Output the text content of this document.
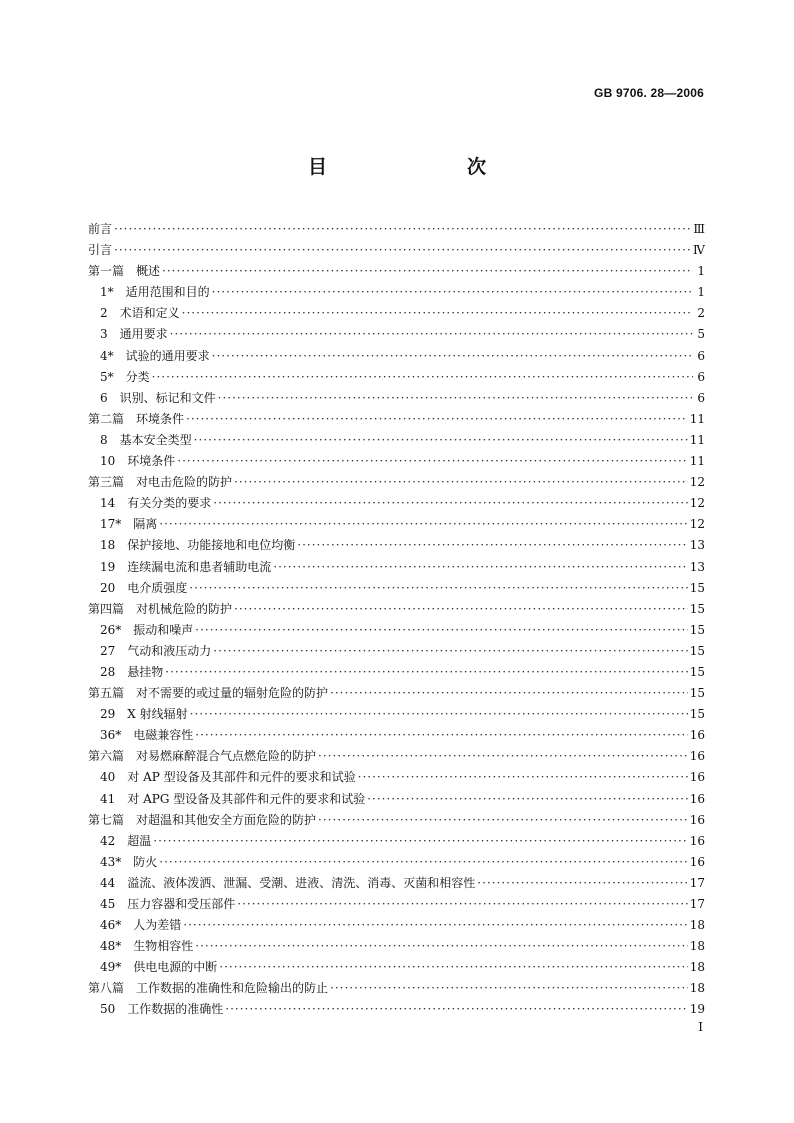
GB 9706. 28—2006
目　　次
前言 ·····	Ⅲ
引言 ·····	Ⅳ
第一篇　概述 ·····	1
1*　适用范围和目的 ·····	1
2　术语和定义 ·····	2
3　通用要求 ·····	5
4*　试验的通用要求 ·····	6
5*　分类 ·····	6
6　识别、标记和文件 ·····	6
第二篇　环境条件 ·····	11
8　基本安全类型 ·····	11
10　环境条件 ·····	11
第三篇　对电击危险的防护 ·····	12
14　有关分类的要求 ·····	12
17*　隔离 ·····	12
18　保护接地、功能接地和电位均衡 ·····	13
19　连续漏电流和患者辅助电流 ·····	13
20　电介质强度 ·····	15
第四篇　对机械危险的防护 ·····	15
26*　振动和噪声 ·····	15
27　气动和液压动力 ·····	15
28　悬挂物 ·····	15
第五篇　对不需要的或过量的辐射危险的防护 ·····	15
29　X 射线辐射 ·····	15
36*　电磁兼容性 ·····	16
第六篇　对易燃麻醉混合气点燃危险的防护 ·····	16
40　对 AP 型设备及其部件和元件的要求和试验 ·····	16
41　对 APG 型设备及其部件和元件的要求和试验 ·····	16
第七篇　对超温和其他安全方面危险的防护 ·····	16
42　超温 ·····	16
43*　防火 ·····	16
44　溢流、液体泼洒、泄漏、受潮、进液、清洗、消毒、灭菌和相容性 ·····	17
45　压力容器和受压部件 ·····	17
46*　人为差错 ·····	18
48*　生物相容性 ·····	18
49*　供电电源的中断 ·····	18
第八篇　工作数据的准确性和危险输出的防止 ·····	18
50　工作数据的准确性 ·····	19
I
